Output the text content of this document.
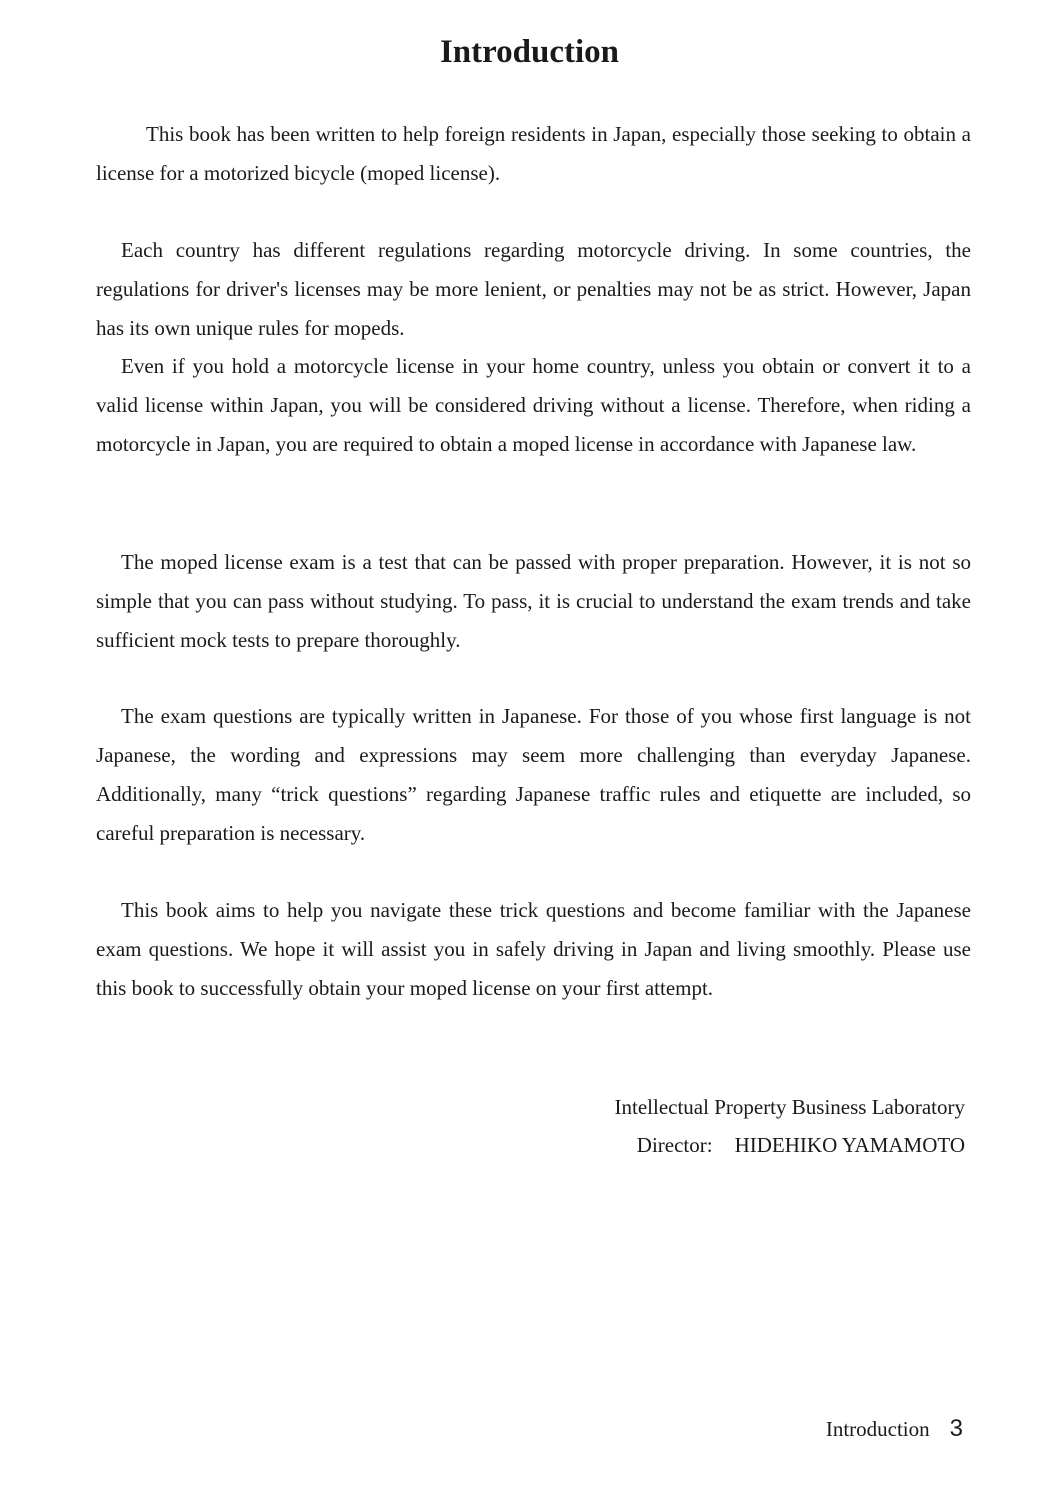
Introduction

This book has been written to help foreign residents in Japan, especially those seeking to obtain a license for a motorized bicycle (moped license).

Each country has different regulations regarding motorcycle driving. In some countries, the regulations for driver's licenses may be more lenient, or penalties may not be as strict. However, Japan has its own unique rules for mopeds.

Even if you hold a motorcycle license in your home country, unless you obtain or convert it to a valid license within Japan, you will be considered driving without a license. Therefore, when riding a motorcycle in Japan, you are required to obtain a moped license in accordance with Japanese law.

The moped license exam is a test that can be passed with proper preparation. However, it is not so simple that you can pass without studying. To pass, it is crucial to understand the exam trends and take sufficient mock tests to prepare thoroughly.

The exam questions are typically written in Japanese. For those of you whose first language is not Japanese, the wording and expressions may seem more challenging than everyday Japanese. Additionally, many “trick questions” regarding Japanese traffic rules and etiquette are included, so careful preparation is necessary.

This book aims to help you navigate these trick questions and become familiar with the Japanese exam questions. We hope it will assist you in safely driving in Japan and living smoothly. Please use this book to successfully obtain your moped license on your first attempt.

Intellectual Property Business Laboratory
Director: HIDEHIKO YAMAMOTO
Introduction 3
